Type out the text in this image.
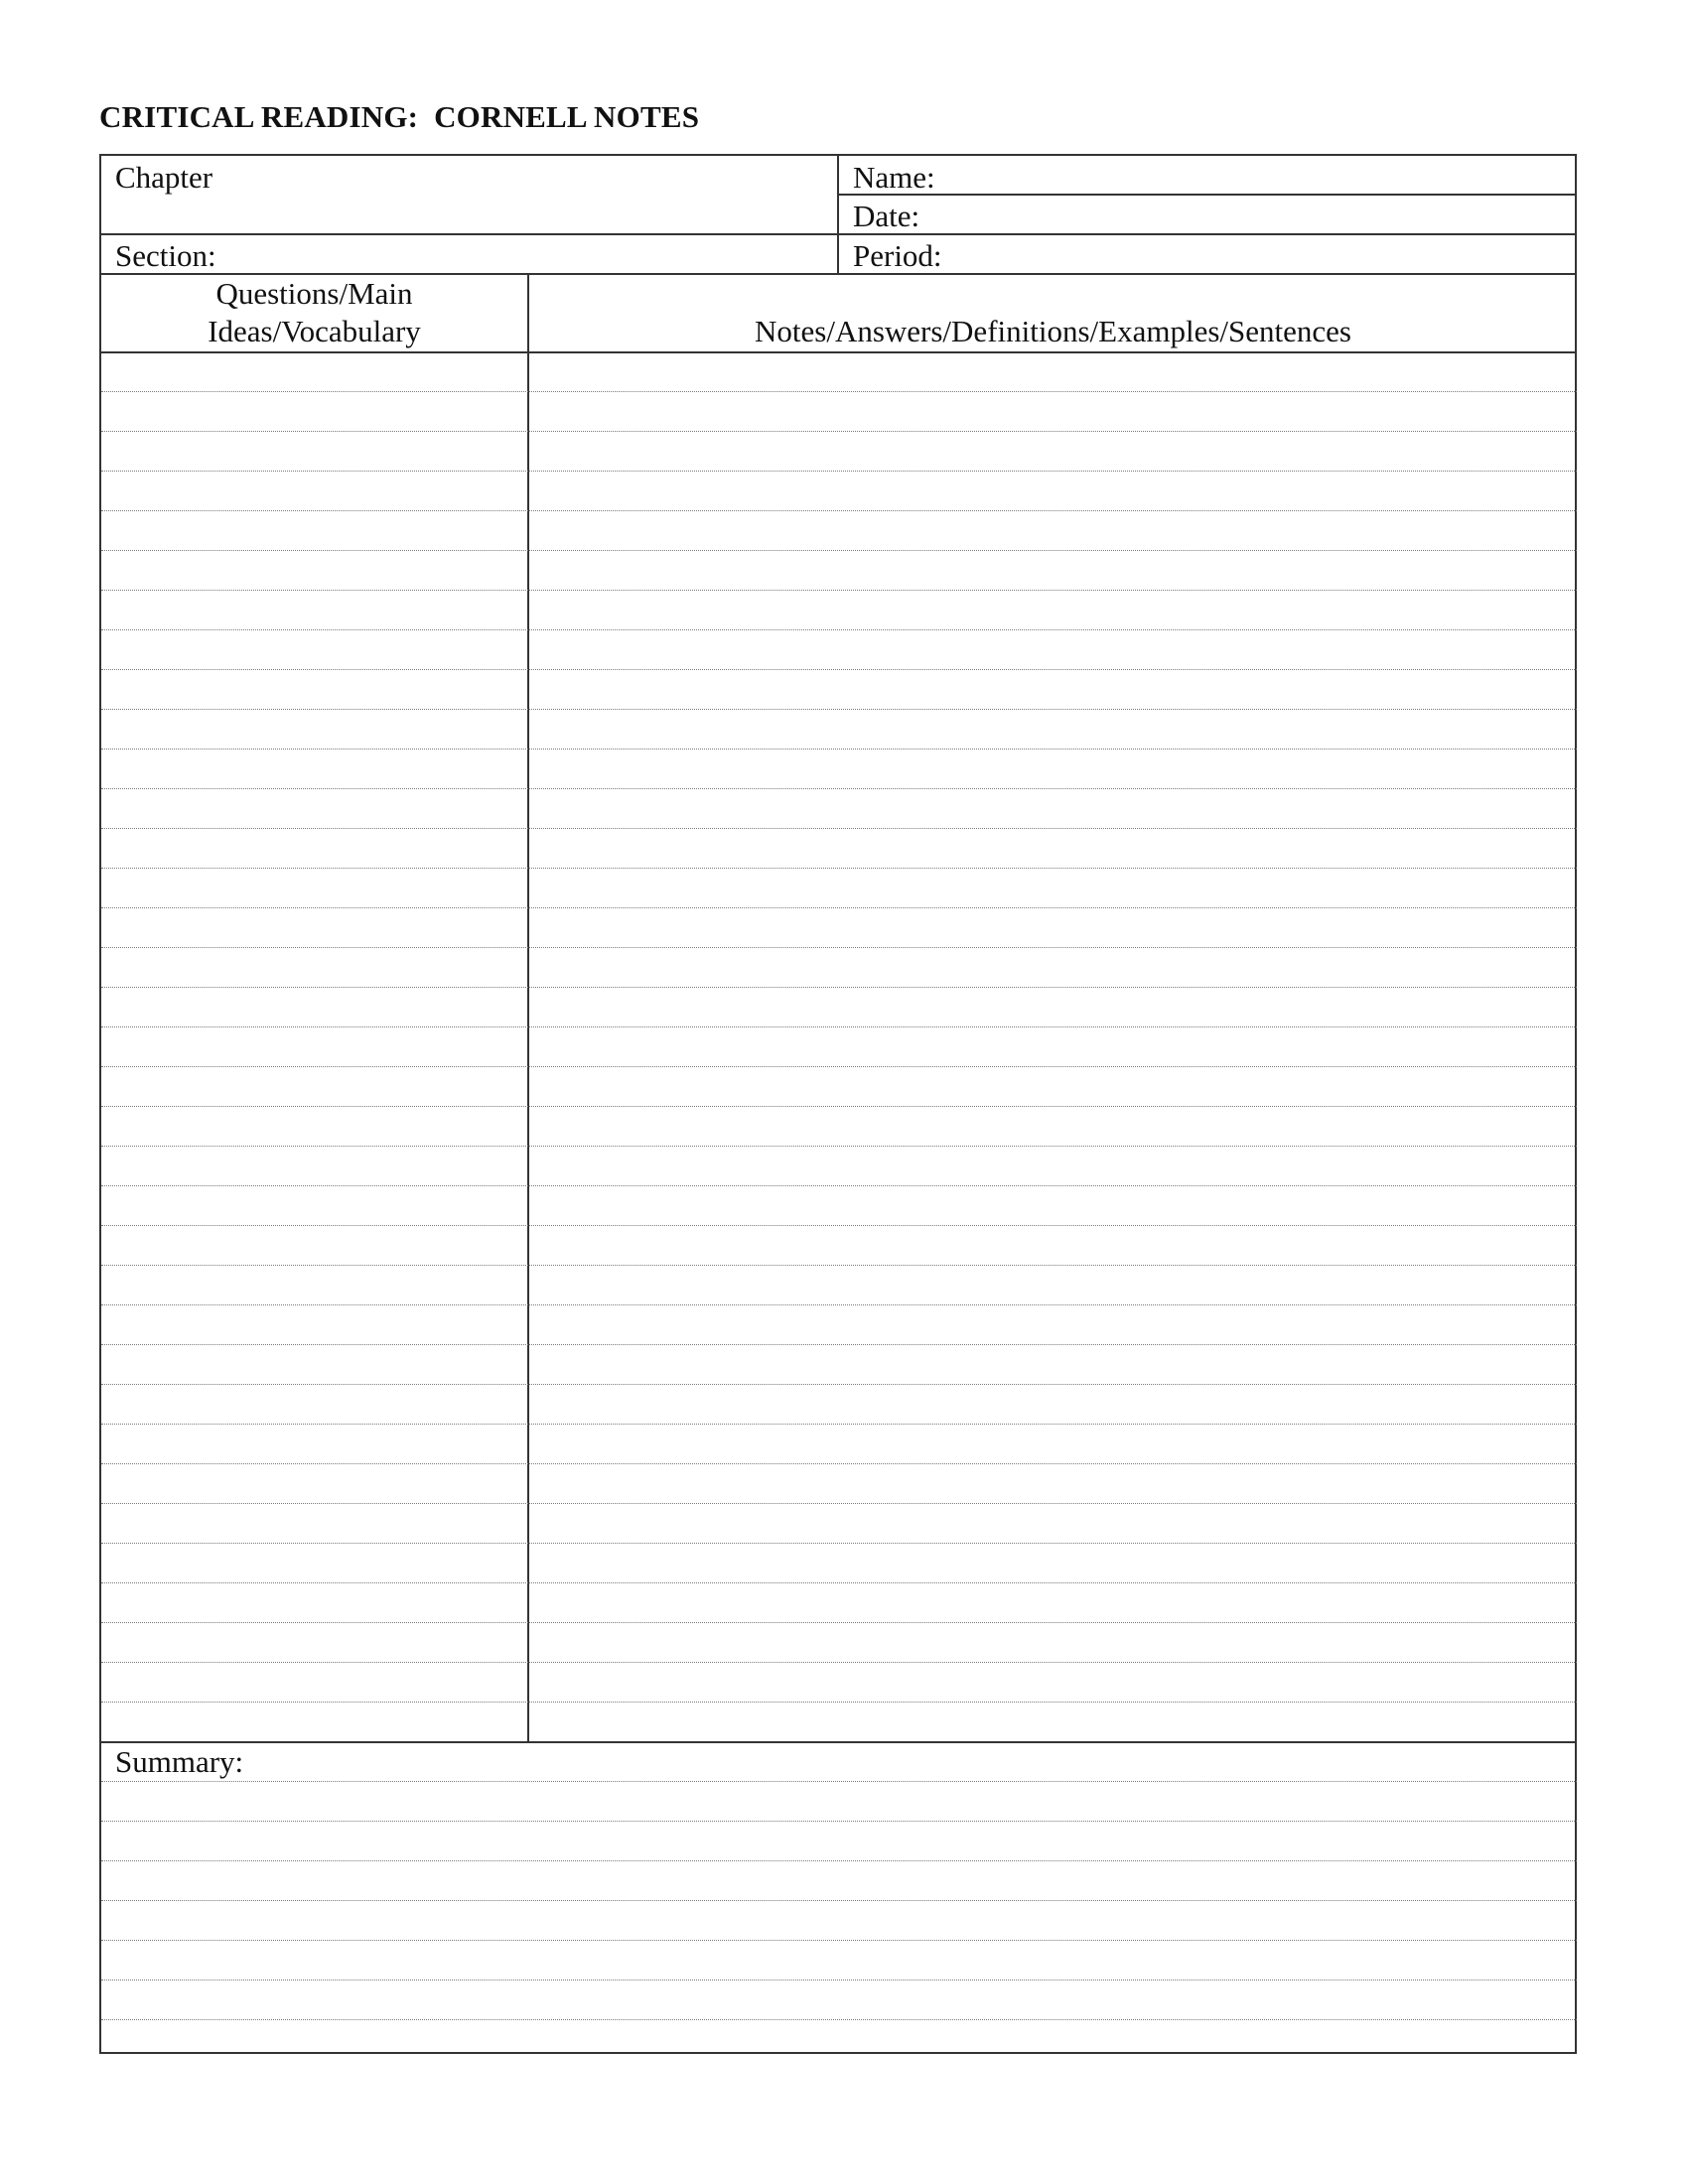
CRITICAL READING:  CORNELL NOTES
Chapter
Section:
Name:
Date:
Period:
Questions/Main
Ideas/Vocabulary	Notes/Answers/Definitions/Examples/Sentences
Summary:
